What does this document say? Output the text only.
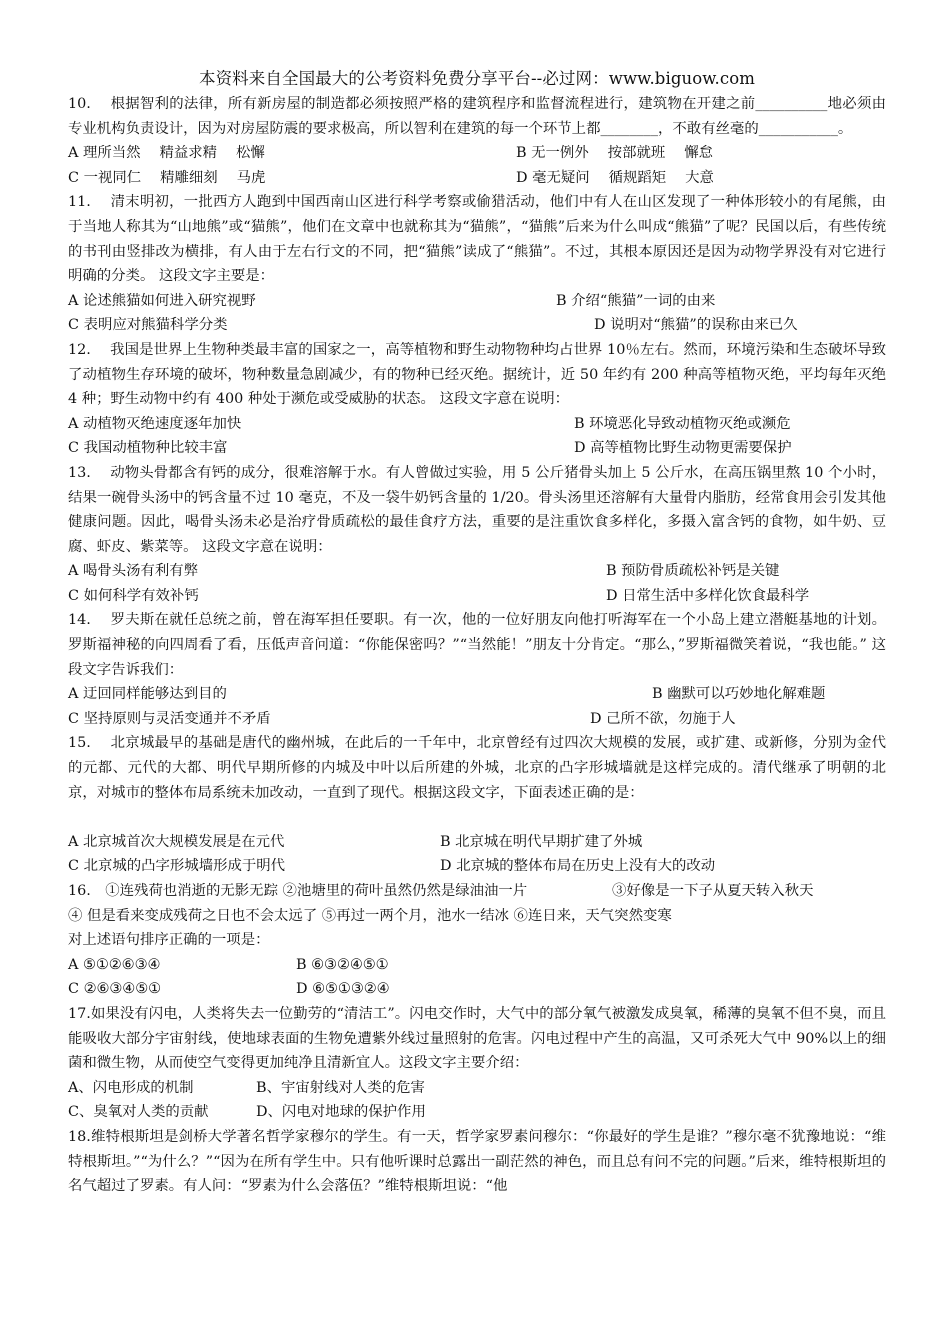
本资料来自全国最大的公考资料免费分享平台--必过网：www.biguow.com

10.　 根据智利的法律，所有新房屋的制造都必须按照严格的建筑程序和监督流程进行，建筑物在开建之前__________地必须由专业机构负责设计，因为对房屋防震的要求极高，所以智利在建筑的每一个环节上都________，不敢有丝毫的___________。

A 理所当然　 精益求精　 松懈	B 无一例外　 按部就班　 懈怠
C 一视同仁　 精雕细刻　 马虎	D 毫无疑问　 循规蹈矩　 大意

11.　 清末明初，一批西方人跑到中国西南山区进行科学考察或偷猎活动，他们中有人在山区发现了一种体形较小的有尾熊，由于当地人称其为“山地熊”或“猫熊”，他们在文章中也就称其为“猫熊”，“猫熊”后来为什么叫成“熊猫”了呢？民国以后，有些传统的书刊由竖排改为横排，有人由于左右行文的不同，把“猫熊”读成了“熊猫”。不过，其根本原因还是因为动物学界没有对它进行明确的分类。 这段文字主要是：

A 论述熊猫如何进入研究视野	B 介绍“熊猫”一词的由来
C 表明应对熊猫科学分类	D 说明对“熊猫”的误称由来已久

12.　 我国是世界上生物种类最丰富的国家之一，高等植物和野生动物物种均占世界 10％左右。然而，环境污染和生态破坏导致了动植物生存环境的破坏，物种数量急剧减少，有的物种已经灭绝。据统计，近 50 年约有 200 种高等植物灭绝，平均每年灭绝 4 种；野生动物中约有 400 种处于濒危或受威胁的状态。 这段文字意在说明：

A 动植物灭绝速度逐年加快	B 环境恶化导致动植物灭绝或濒危
C 我国动植物种比较丰富	D 高等植物比野生动物更需要保护

13.　 动物头骨都含有钙的成分，很难溶解于水。有人曾做过实验，用 5 公斤猪骨头加上 5 公斤水，在高压锅里熬 10 个小时，结果一碗骨头汤中的钙含量不过 10 毫克，不及一袋牛奶钙含量的 1/20。骨头汤里还溶解有大量骨内脂肪，经常食用会引发其他健康问题。因此，喝骨头汤未必是治疗骨质疏松的最佳食疗方法，重要的是注重饮食多样化，多摄入富含钙的食物，如牛奶、豆腐、虾皮、紫菜等。 这段文字意在说明：

A 喝骨头汤有利有弊	B 预防骨质疏松补钙是关键
C 如何科学有效补钙	D 日常生活中多样化饮食最科学

14.　 罗夫斯在就任总统之前，曾在海军担任要职。有一次，他的一位好朋友向他打听海军在一个小岛上建立潜艇基地的计划。罗斯福神秘的向四周看了看，压低声音问道：“你能保密吗？”“当然能！”朋友十分肯定。“那么，”罗斯福微笑着说，“我也能。” 这段文字告诉我们：

A 迂回同样能够达到目的	B 幽默可以巧妙地化解难题
C 坚持原则与灵活变通并不矛盾	D 己所不欲，勿施于人

15.　 北京城最早的基础是唐代的幽州城，在此后的一千年中，北京曾经有过四次大规模的发展，或扩建、或新修，分别为金代的元都、元代的大都、明代早期所修的内城及中叶以后所建的外城，北京的凸字形城墙就是这样完成的。清代继承了明朝的北京，对城市的整体布局系统未加改动，一直到了现代。根据这段文字，下面表述正确的是：

A 北京城首次大规模发展是在元代	B 北京城在明代早期扩建了外城
C 北京城的凸字形城墙形成于明代	D 北京城的整体布局在历史上没有大的改动
16.　①连残荷也消逝的无影无踪 ②池塘里的荷叶虽然仍然是绿油油一片	③好像是一下子从夏天转入秋天
④ 但是看来变成残荷之日也不会太远了 ⑤再过一两个月，池水一结冰 ⑥连日来，天气突然变寒
对上述语句排序正确的一项是：
A ⑤①②⑥③④	B ⑥③②④⑤①
C ②⑥③④⑤①	D ⑥⑤①③②④

17.如果没有闪电，人类将失去一位勤劳的“清洁工”。闪电交作时，大气中的部分氧气被激发成臭氧，稀薄的臭氧不但不臭，而且能吸收大部分宇宙射线，使地球表面的生物免遭紫外线过量照射的危害。闪电过程中产生的高温，又可杀死大气中 90%以上的细菌和微生物，从而使空气变得更加纯净且清新宜人。这段文字主要介绍：

A、闪电形成的机制	B、宇宙射线对人类的危害
C、臭氧对人类的贡献	D、闪电对地球的保护作用

18.维特根斯坦是剑桥大学著名哲学家穆尔的学生。有一天，哲学家罗素问穆尔：“你最好的学生是谁？”穆尔毫不犹豫地说：“维特根斯坦。”“为什么？”“因为在所有学生中。只有他听课时总露出一副茫然的神色，而且总有问不完的问题。”后来，维特根斯坦的名气超过了罗素。有人问：“罗素为什么会落伍？”维特根斯坦说：“他
